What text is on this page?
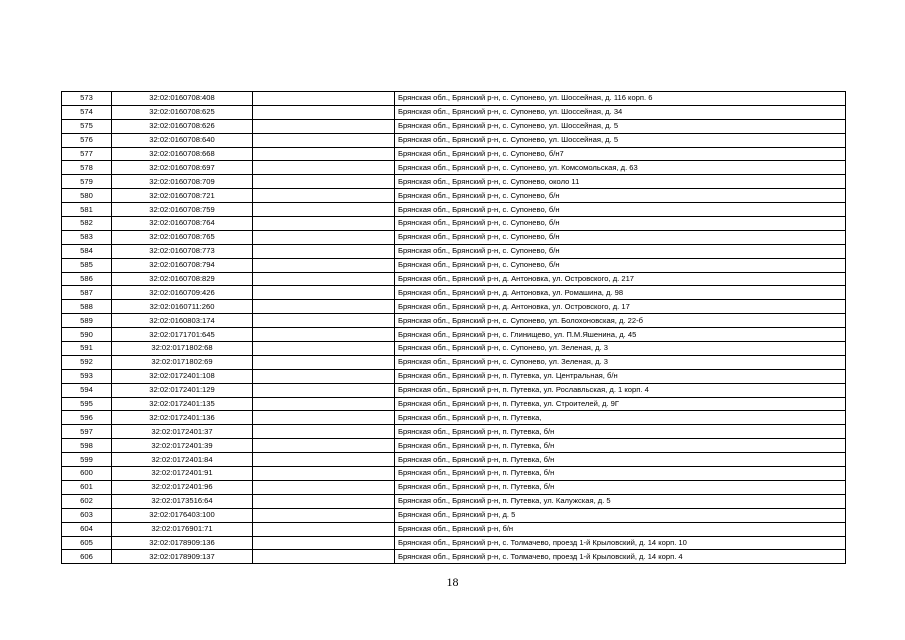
573	32:02:0160708:408		Брянская обл., Брянский р-н, с. Супонево, ул. Шоссейная, д. 116 корп. 6
574	32:02:0160708:625		Брянская обл., Брянский р-н, с. Супонево, ул. Шоссейная, д. 34
575	32:02:0160708:626		Брянская обл., Брянский р-н, с. Супонево, ул. Шоссейная, д. 5
576	32:02:0160708:640		Брянская обл., Брянский р-н, с. Супонево, ул. Шоссейная, д. 5
577	32:02:0160708:668		Брянская обл., Брянский р-н, с. Супонево, б/н7
578	32:02:0160708:697		Брянская обл., Брянский р-н, с. Супонево, ул. Комсомольская, д. 63
579	32:02:0160708:709		Брянская обл., Брянский р-н, с. Супонево, около 11
580	32:02:0160708:721		Брянская обл., Брянский р-н, с. Супонево, б/н
581	32:02:0160708:759		Брянская обл., Брянский р-н, с. Супонево, б/н
582	32:02:0160708:764		Брянская обл., Брянский р-н, с. Супонево, б/н
583	32:02:0160708:765		Брянская обл., Брянский р-н, с. Супонево, б/н
584	32:02:0160708:773		Брянская обл., Брянский р-н, с. Супонево, б/н
585	32:02:0160708:794		Брянская обл., Брянский р-н, с. Супонево, б/н
586	32:02:0160708:829		Брянская обл., Брянский р-н, д. Антоновка, ул. Островского, д. 217
587	32:02:0160709:426		Брянская обл., Брянский р-н, д. Антоновка, ул. Ромашина, д. 98
588	32:02:0160711:260		Брянская обл., Брянский р-н, д. Антоновка, ул. Островского, д. 17
589	32:02:0160803:174		Брянская обл., Брянский р-н, с. Супонево, ул. Болохоновская, д. 22-б
590	32:02:0171701:645		Брянская обл., Брянский р-н, с. Глинищево, ул. П.М.Яшенина, д. 45
591	32:02:0171802:68		Брянская обл., Брянский р-н, с. Супонево, ул. Зеленая, д. 3
592	32:02:0171802:69		Брянская обл., Брянский р-н, с. Супонево, ул. Зеленая, д. 3
593	32:02:0172401:108		Брянская обл., Брянский р-н, п. Путевка, ул. Центральная, б/н
594	32:02:0172401:129		Брянская обл., Брянский р-н, п. Путевка, ул. Рославльская, д. 1 корп. 4
595	32:02:0172401:135		Брянская обл., Брянский р-н, п. Путевка, ул. Строителей, д. 9Г
596	32:02:0172401:136		Брянская обл., Брянский р-н, п. Путевка,
597	32:02:0172401:37		Брянская обл., Брянский р-н, п. Путевка, б/н
598	32:02:0172401:39		Брянская обл., Брянский р-н, п. Путевка, б/н
599	32:02:0172401:84		Брянская обл., Брянский р-н, п. Путевка, б/н
600	32:02:0172401:91		Брянская обл., Брянский р-н, п. Путевка, б/н
601	32:02:0172401:96		Брянская обл., Брянский р-н, п. Путевка, б/н
602	32:02:0173516:64		Брянская обл., Брянский р-н, п. Путевка, ул. Калужская, д. 5
603	32:02:0176403:100		Брянская обл., Брянский р-н, д. 5
604	32:02:0176901:71		Брянская обл., Брянский р-н, б/н
605	32:02:0178909:136		Брянская обл., Брянский р-н, с. Толмачево, проезд 1-й Крыловский, д. 14 корп. 10
606	32:02:0178909:137		Брянская обл., Брянский р-н, с. Толмачево, проезд 1-й Крыловский, д. 14 корп. 4
18
